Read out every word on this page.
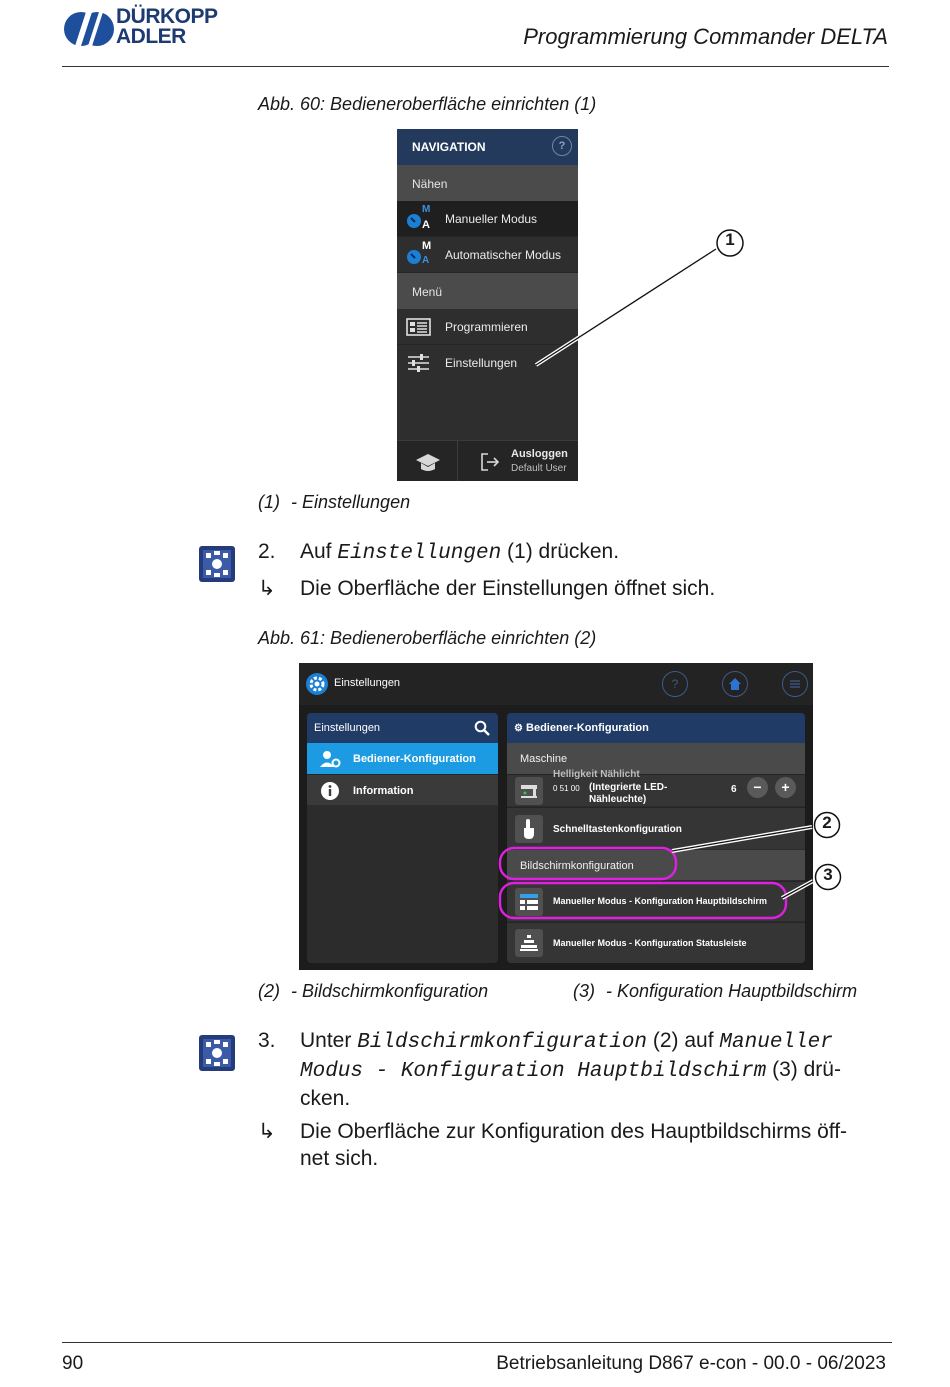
DÜRKOPP
ADLER	Programmierung Commander DELTA
Abb. 60: Bedieneroberfläche einrichten (1)
NAVIGATION	?
Nähen
M
A Manueller Modus
M
A Automatischer Modus
Menü
Programmieren
Einstellungen
Ausloggen
Default User
1
(1) - Einstellungen
2. Auf Einstellungen (1) drücken.
↳ Die Oberfläche der Einstellungen öffnet sich.
Abb. 61: Bedieneroberfläche einrichten (2)
Einstellungen	?
Einstellungen
Bediener-Konfiguration
Information
⚙ Bediener-Konfiguration
Maschine
Helligkeit Nählicht
0 51 00 (Integrierte LED-
Nähleuchte)
6	−	+
Schnelltastenkonfiguration
Bildschirmkonfiguration
Manueller Modus - Konfiguration Hauptbildschirm
Manueller Modus - Konfiguration Statusleiste
2
3
(2) - Bildschirmkonfiguration	(3) - Konfiguration Hauptbildschirm
3. Unter Bildschirmkonfiguration (2) auf Manueller
Modus - Konfiguration Hauptbildschirm (3) drü-
cken.
↳ Die Oberfläche zur Konfiguration des Hauptbildschirms öff-
net sich.
90	Betriebsanleitung D867 e-con - 00.0 - 06/2023
